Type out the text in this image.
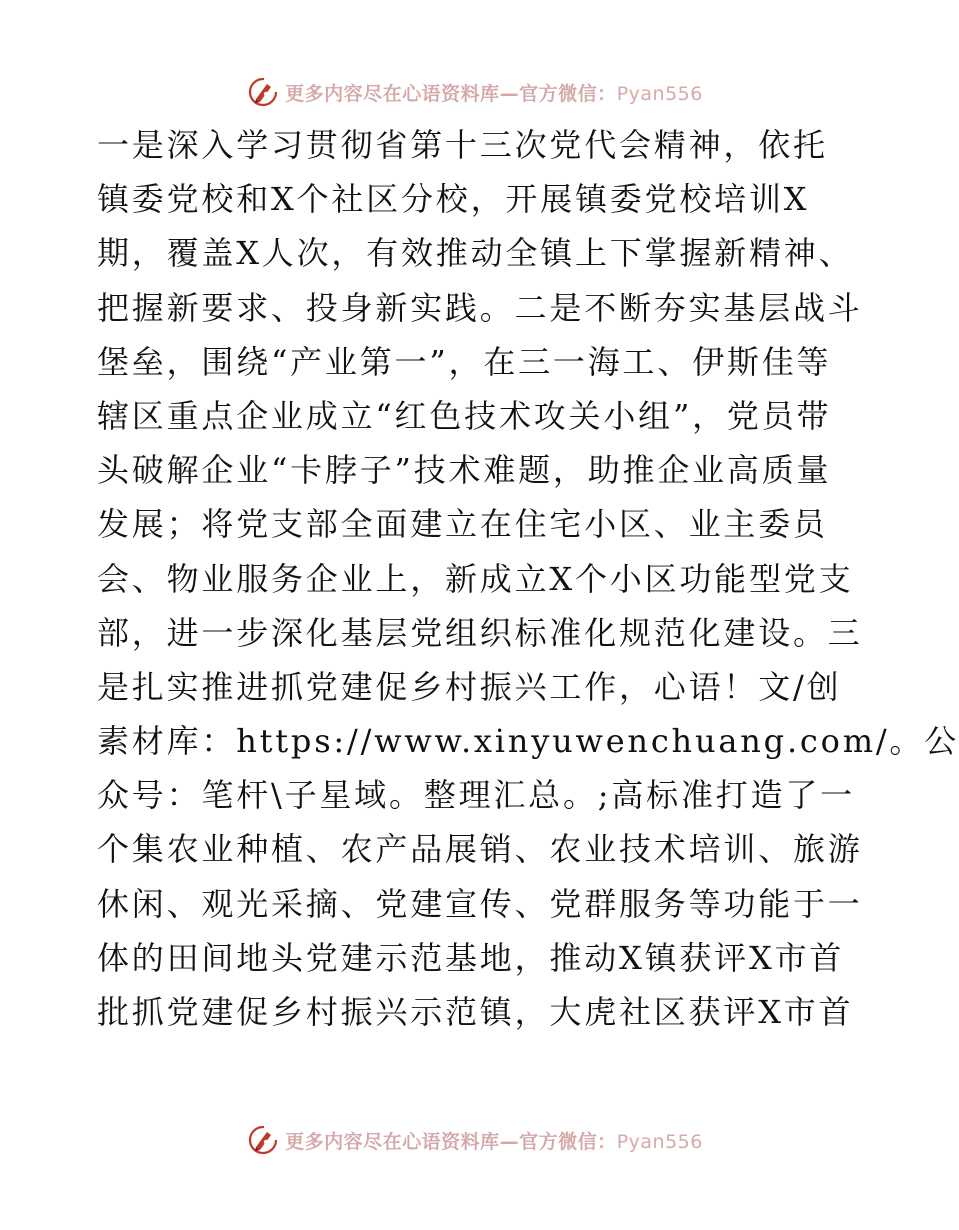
更多内容尽在心语资料库—官方微信：Pyan556
一是深入学习贯彻省第十三次党代会精神，依托
镇委党校和X个社区分校，开展镇委党校培训X
期，覆盖X人次，有效推动全镇上下掌握新精神、
把握新要求、投身新实践。二是不断夯实基层战斗
堡垒，围绕“产业第一”，在三一海工、伊斯佳等
辖区重点企业成立“红色技术攻关小组”，党员带
头破解企业“卡脖子”技术难题，助推企业高质量
发展；将党支部全面建立在住宅小区、业主委员
会、物业服务企业上，新成立X个小区功能型党支
部，进一步深化基层党组织标准化规范化建设。三
是扎实推进抓党建促乡村振兴工作，心语！文/创
素材库：https://www.xinyuwenchuang.com/。公
众号：笔杆\子星域。整理汇总。;高标准打造了一
个集农业种植、农产品展销、农业技术培训、旅游
休闲、观光采摘、党建宣传、党群服务等功能于一
体的田间地头党建示范基地，推动X镇获评X市首
批抓党建促乡村振兴示范镇，大虎社区获评X市首
更多内容尽在心语资料库—官方微信：Pyan556
